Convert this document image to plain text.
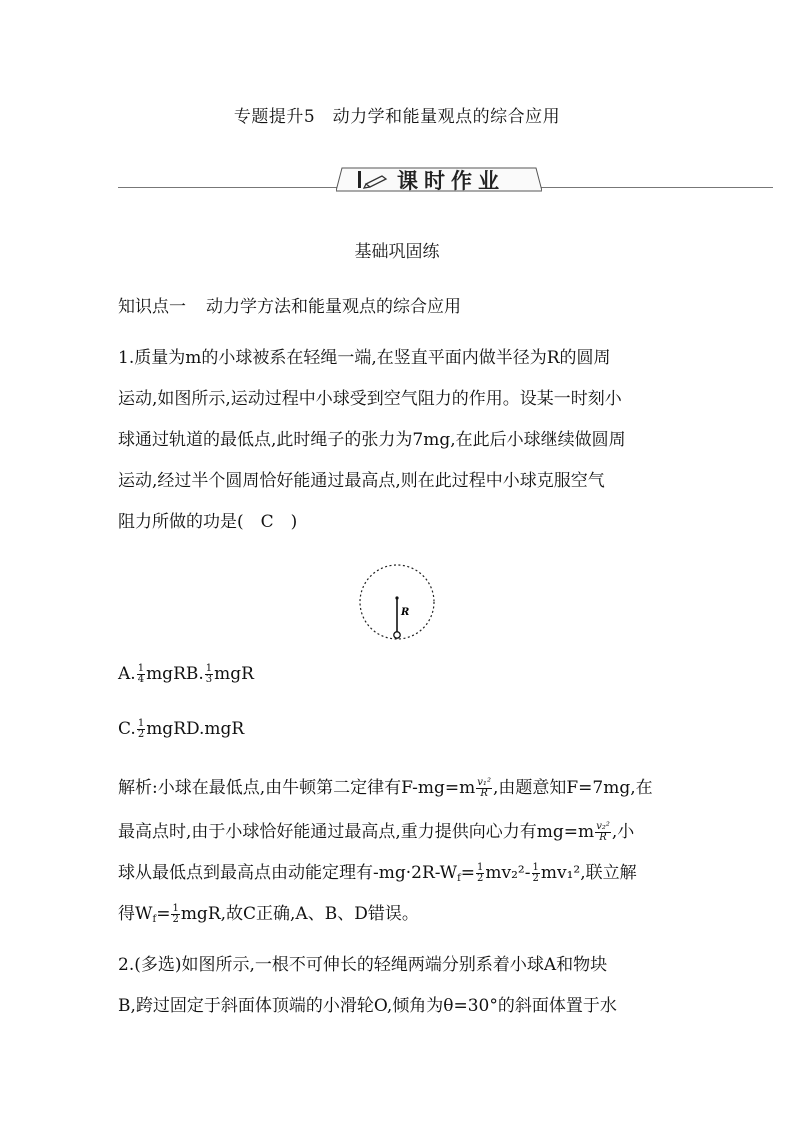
专题提升5　动力学和能量观点的综合应用
课时作业
基础巩固练
知识点一 动力学方法和能量观点的综合应用
1.质量为m的小球被系在轻绳一端,在竖直平面内做半径为R的圆周
运动,如图所示,运动过程中小球受到空气阻力的作用。设某一时刻小
球通过轨道的最低点,此时绳子的张力为7mg,在此后小球继续做圆周
运动,经过半个圆周恰好能通过最高点,则在此过程中小球克服空气
阻力所做的功是(　C　)
R
A. $\frac{1}{4}$ mgRB. $\frac{1}{3}$ mgR
C. $\frac{1}{2}$ mgRD.mgR
解析:小球在最低点,由牛顿第二定律有$F-mg=m \frac{\text{v₁²}}{R}$ ,由题意知F=7mg,在
最高点时,由于小球恰好能通过最高点,重力提供向心力有$mg=m \frac{\text{v₂²}}{R}$ ,小
球从最低点到最高点由动能定理有$-mg\cdot 2R-Wf= \frac{1}{2} mv_2^2- \frac{1}{2} mv_1^2$,联立解
得$Wf= \frac{1}{2}$ mgR,故C正确,A、B、D错误。
2.(多选)如图所示,一根不可伸长的轻绳两端分别系着小球A和物块
B,跨过固定于斜面体顶端的小滑轮O,倾角为θ=30°的斜面体置于水
